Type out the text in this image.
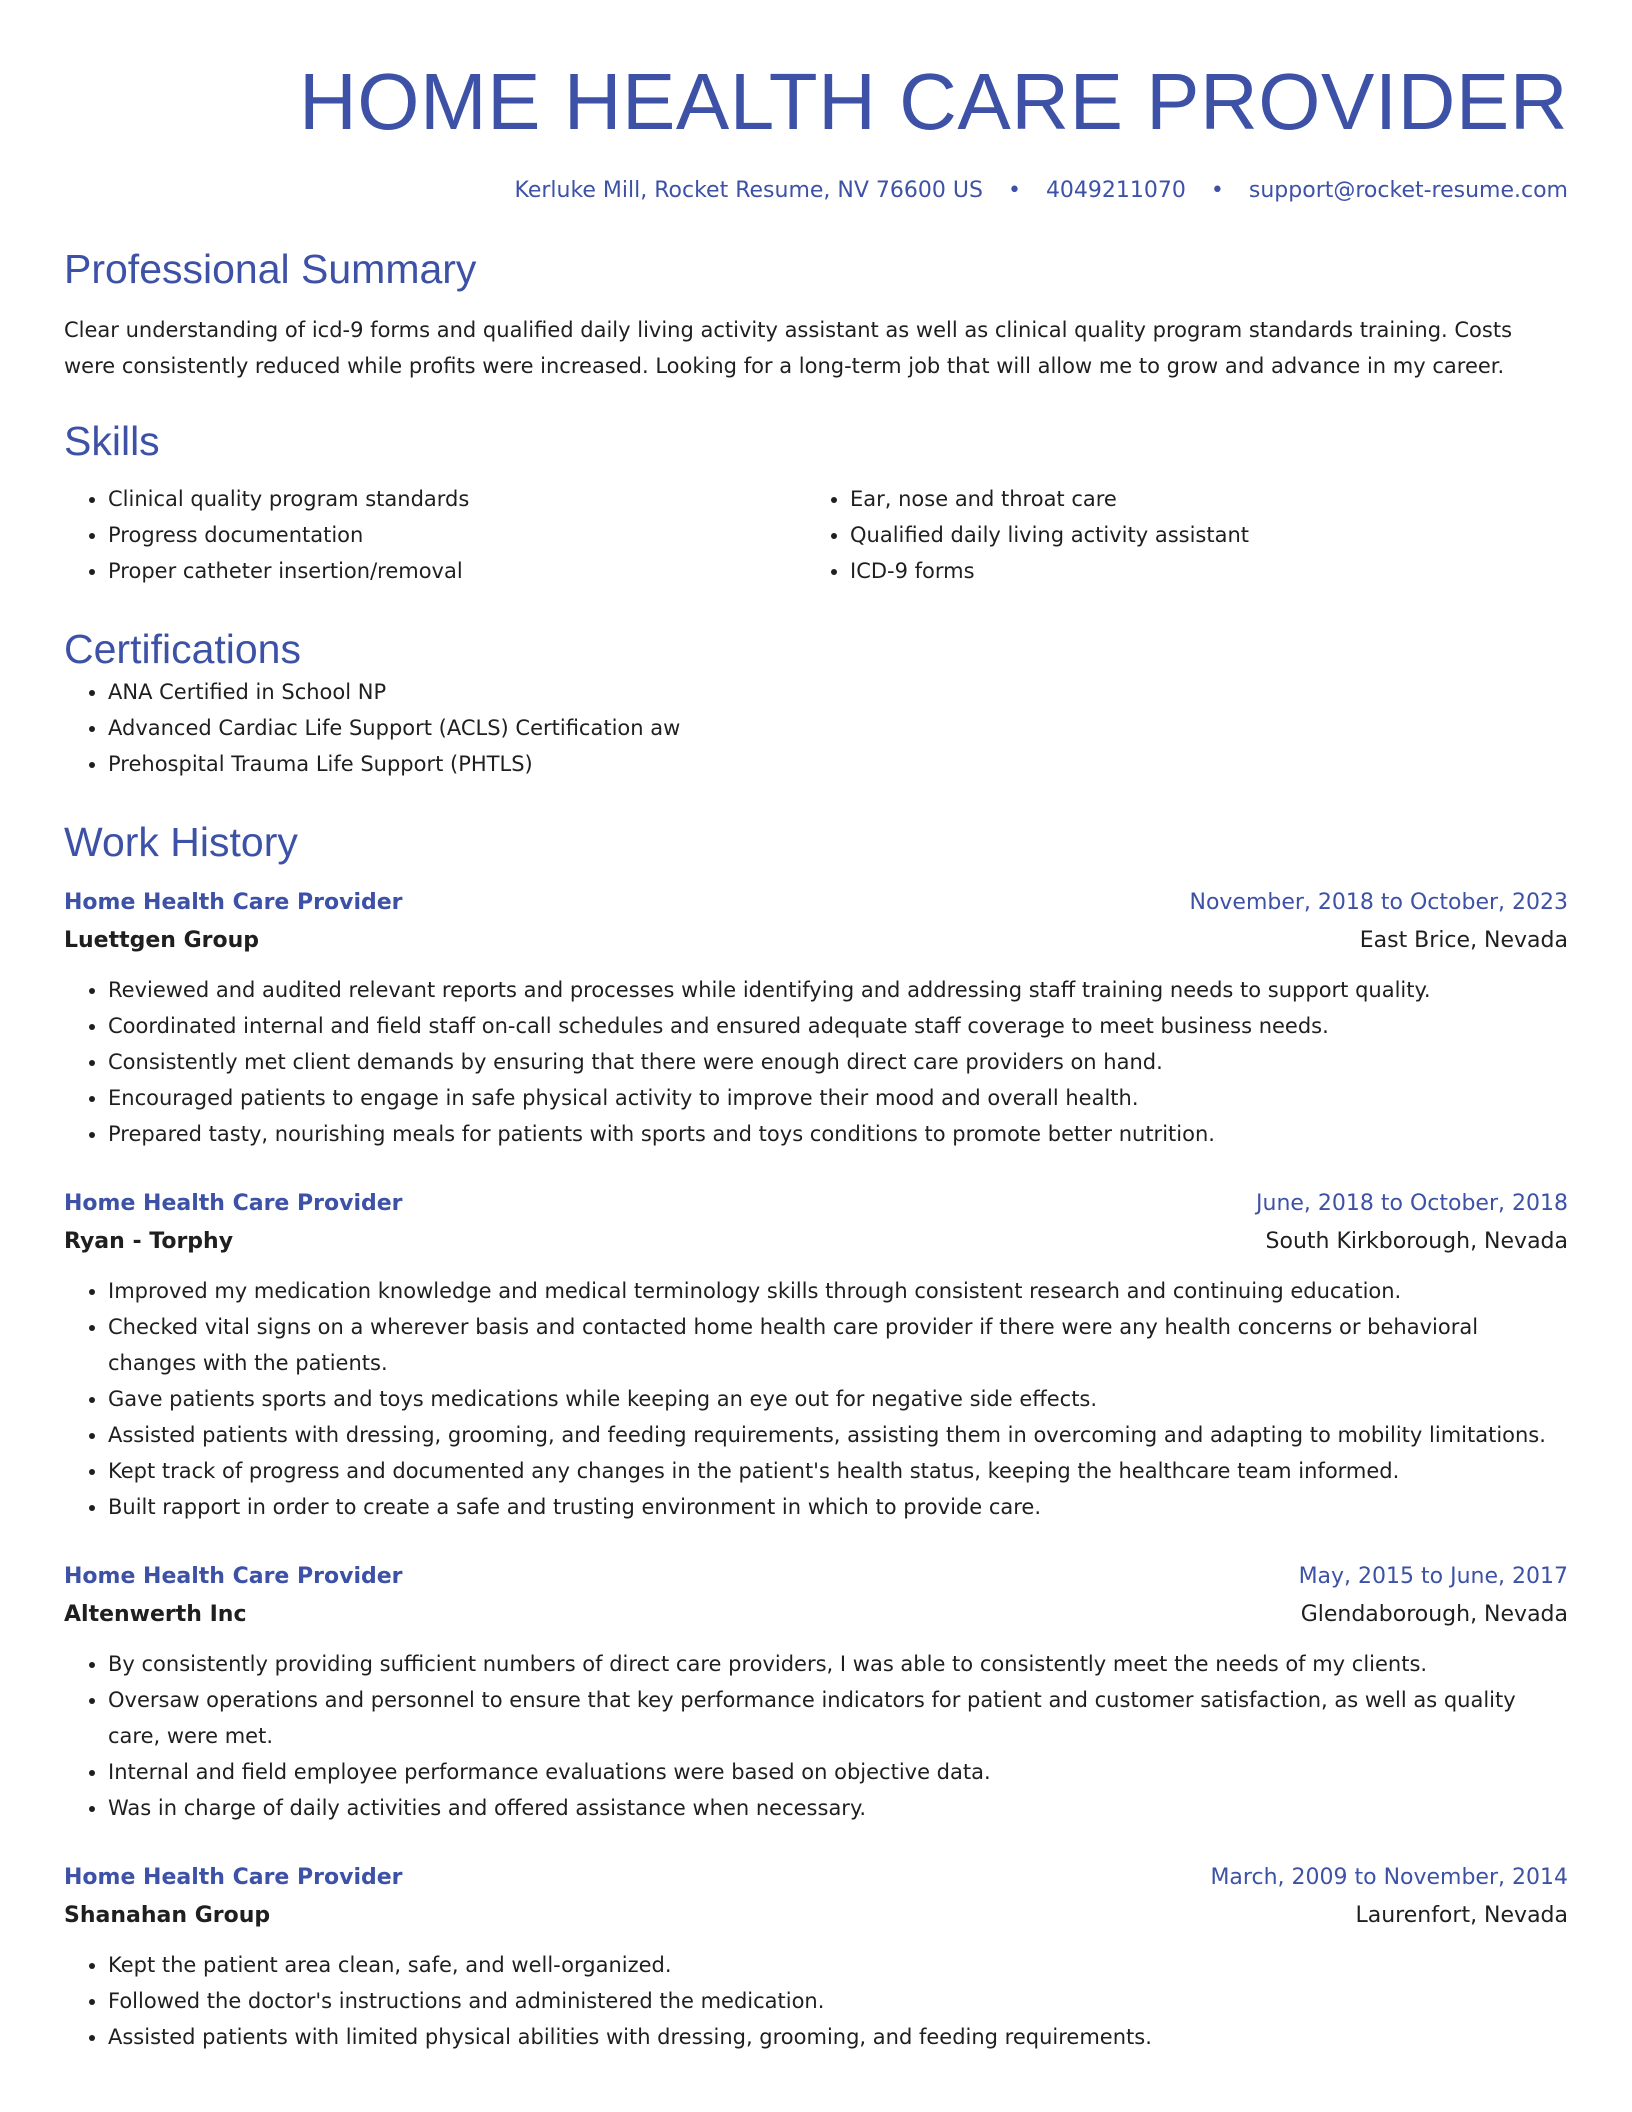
HOME HEALTH CARE PROVIDER
Kerluke Mill, Rocket Resume, NV 76600 US • 4049211070 • support@rocket-resume.com
Professional Summary

Clear understanding of icd-9 forms and qualified daily living activity assistant as well as clinical quality program standards training. Costs were consistently reduced while profits were increased. Looking for a long-term job that will allow me to grow and advance in my career.

Skills
• Clinical quality program standards
• Progress documentation
• Proper catheter insertion/removal
• Ear, nose and throat care
• Qualified daily living activity assistant
• ICD-9 forms
Certifications
• ANA Certified in School NP
• Advanced Cardiac Life Support (ACLS) Certification aw
• Prehospital Trauma Life Support (PHTLS)
Work History
Home Health Care Provider	November, 2018 to October, 2023
Luettgen Group	East Brice, Nevada
• Reviewed and audited relevant reports and processes while identifying and addressing staff training needs to support quality.
• Coordinated internal and field staff on-call schedules and ensured adequate staff coverage to meet business needs.
• Consistently met client demands by ensuring that there were enough direct care providers on hand.
• Encouraged patients to engage in safe physical activity to improve their mood and overall health.
• Prepared tasty, nourishing meals for patients with sports and toys conditions to promote better nutrition.
Home Health Care Provider	June, 2018 to October, 2018
Ryan - Torphy	South Kirkborough, Nevada
• Improved my medication knowledge and medical terminology skills through consistent research and continuing education.
• Checked vital signs on a wherever basis and contacted home health care provider if there were any health concerns or behavioral changes with the patients.
• Gave patients sports and toys medications while keeping an eye out for negative side effects.
• Assisted patients with dressing, grooming, and feeding requirements, assisting them in overcoming and adapting to mobility limitations.
• Kept track of progress and documented any changes in the patient's health status, keeping the healthcare team informed.
• Built rapport in order to create a safe and trusting environment in which to provide care.
Home Health Care Provider	May, 2015 to June, 2017
Altenwerth Inc	Glendaborough, Nevada
• By consistently providing sufficient numbers of direct care providers, I was able to consistently meet the needs of my clients.
• Oversaw operations and personnel to ensure that key performance indicators for patient and customer satisfaction, as well as quality care, were met.
• Internal and field employee performance evaluations were based on objective data.
• Was in charge of daily activities and offered assistance when necessary.
Home Health Care Provider	March, 2009 to November, 2014
Shanahan Group	Laurenfort, Nevada
• Kept the patient area clean, safe, and well-organized.
• Followed the doctor's instructions and administered the medication.
• Assisted patients with limited physical abilities with dressing, grooming, and feeding requirements.
